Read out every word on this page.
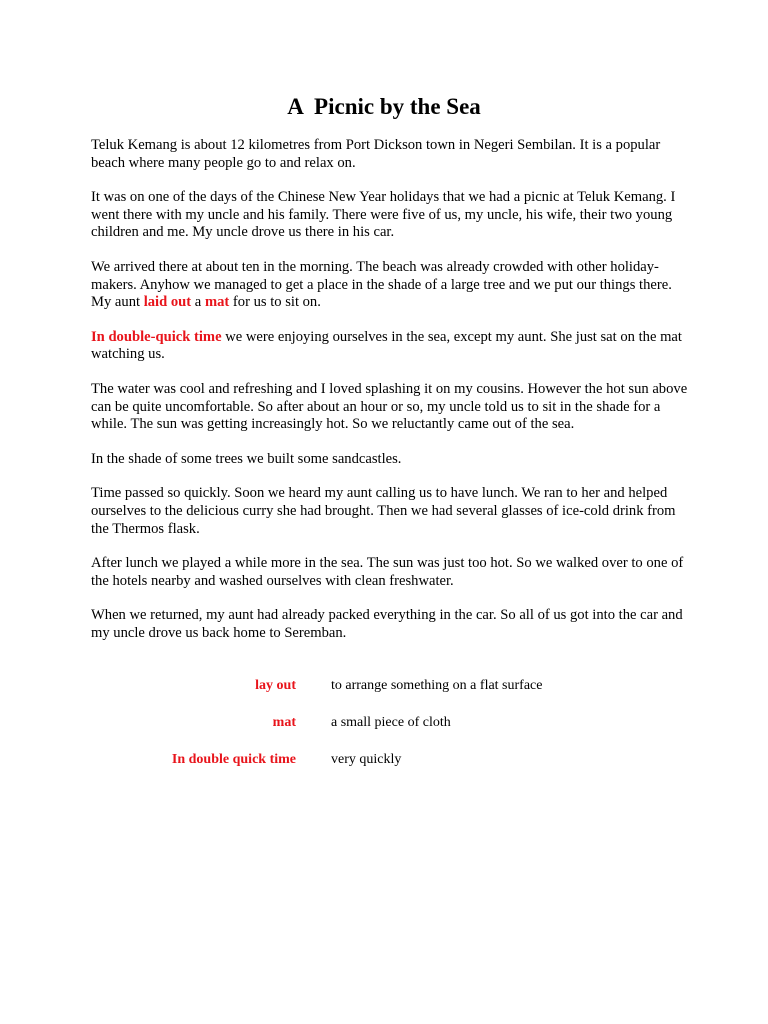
A  Picnic by the Sea

Teluk Kemang is about 12 kilometres from Port Dickson town in Negeri Sembilan. It is a popular beach where many people go to and relax on.

It was on one of the days of the Chinese New Year holidays that we had a picnic at Teluk Kemang. I went there with my uncle and his family. There were five of us, my uncle, his wife, their two young children and me. My uncle drove us there in his car.

We arrived there at about ten in the morning. The beach was already crowded with other holiday-makers. Anyhow we managed to get a place in the shade of a large tree and we put our things there. My aunt laid out a mat for us to sit on.

In double-quick time we were enjoying ourselves in the sea, except my aunt. She just sat on the mat watching us.

The water was cool and refreshing and I loved splashing it on my cousins. However the hot sun above can be quite uncomfortable. So after about an hour or so, my uncle told us to sit in the shade for a while. The sun was getting increasingly hot. So we reluctantly came out of the sea.

In the shade of some trees we built some sandcastles.

Time passed so quickly. Soon we heard my aunt calling us to have lunch. We ran to her and helped ourselves to the delicious curry she had brought. Then we had several glasses of ice-cold drink from the Thermos flask.

After lunch we played a while more in the sea. The sun was just too hot. So we walked over to one of the hotels nearby and washed ourselves with clean freshwater.

When we returned, my aunt had already packed everything in the car. So all of us got into the car and my uncle drove us back home to Seremban.

lay out	to arrange something on a flat surface
mat	a small piece of cloth
In double quick time	very quickly
